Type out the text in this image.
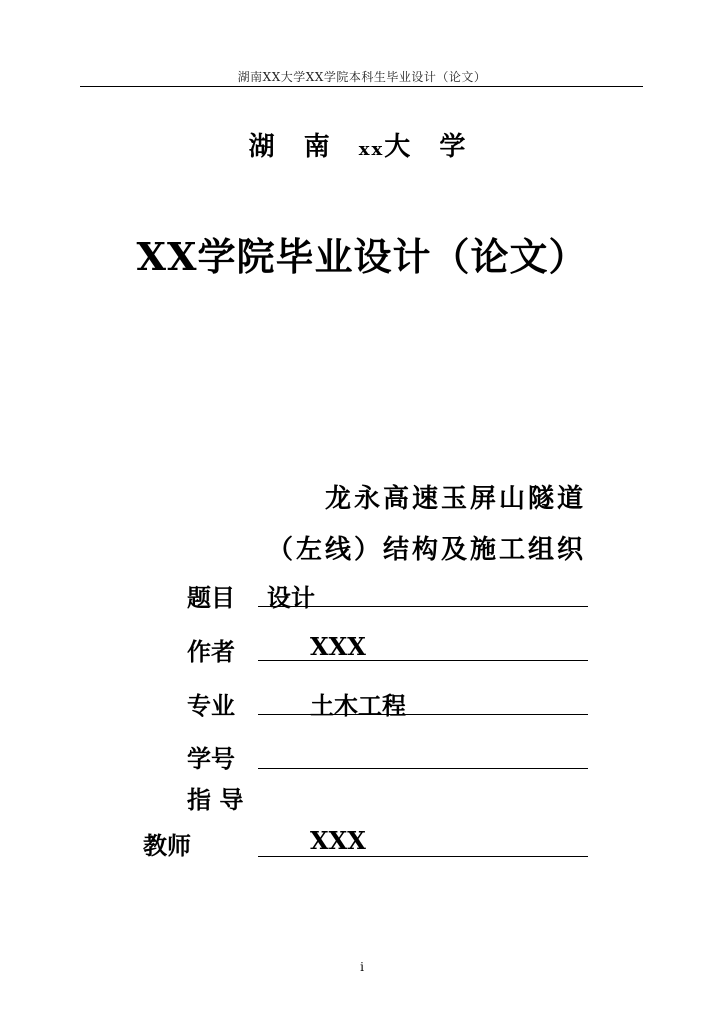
湖南XX大学XX学院本科生毕业设计（论文）
湖 南 xx大 学
XX学院毕业设计（论文）
龙永高速玉屏山隧道
（左线）结构及施工组织
题目 设计
作者	XXX
专业	土木工程
学号
指 导
教师	XXX
i
